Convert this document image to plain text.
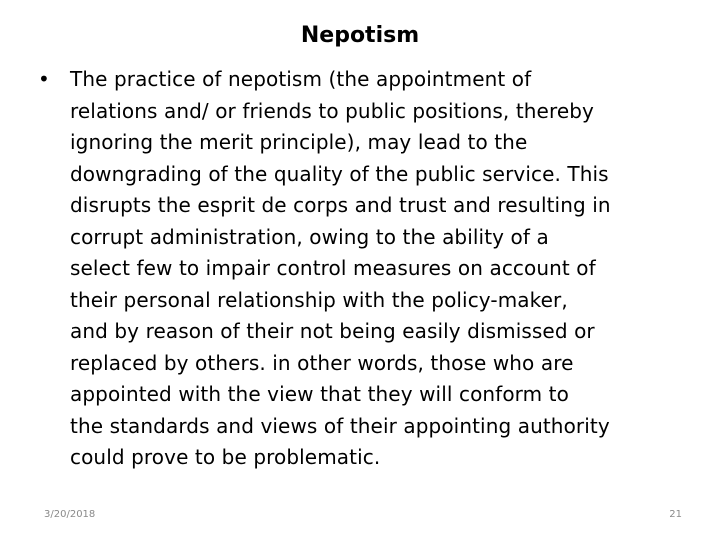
Nepotism
• The practice of nepotism (the appointment of
relations and/ or friends to public positions, thereby
ignoring the merit principle), may lead to the
downgrading of the quality of the public service. This
disrupts the esprit de corps and trust and resulting in
corrupt administration, owing to the ability of a
select few to impair control measures on account of
their personal relationship with the policy-maker,
and by reason of their not being easily dismissed or
replaced by others. in other words, those who are
appointed with the view that they will conform to
the standards and views of their appointing authority
could prove to be problematic.
3/20/2018	21
